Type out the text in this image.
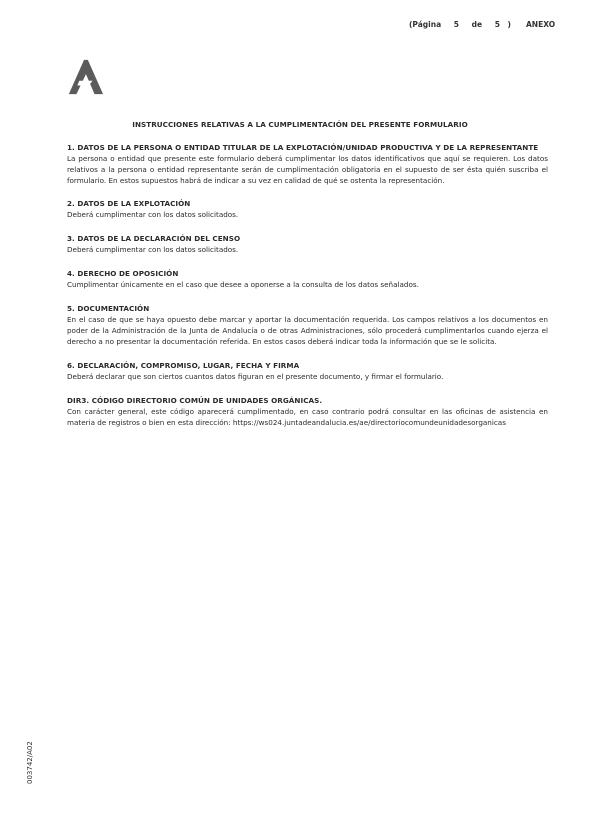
(Página 5 de 5 ) ANEXO
INSTRUCCIONES RELATIVAS A LA CUMPLIMENTACIÓN DEL PRESENTE FORMULARIO

1. DATOS DE LA PERSONA O ENTIDAD TITULAR DE LA EXPLOTACIÓN/UNIDAD PRODUCTIVA Y DE LA REPRESENTANTE

La persona o entidad que presente este formulario deberá cumplimentar los datos identificativos que aquí se requieren. Los datos relativos a la persona o entidad representante serán de cumplimentación obligatoria en el supuesto de ser ésta quién suscriba el formulario. En estos supuestos habrá de indicar a su vez en calidad de qué se ostenta la representación.

2. DATOS DE LA EXPLOTACIÓN

Deberá cumplimentar con los datos solicitados.

3. DATOS DE LA DECLARACIÓN DEL CENSO

Deberá cumplimentar con los datos solicitados.

4. DERECHO DE OPOSICIÓN

Cumplimentar únicamente en el caso que desee a oponerse a la consulta de los datos señalados.

5. DOCUMENTACIÓN

En el caso de que se haya opuesto debe marcar y aportar la documentación requerida. Los campos relativos a los documentos en poder de la Administración de la Junta de Andalucía o de otras Administraciones, sólo procederá cumplimentarlos cuando ejerza el derecho a no presentar la documentación referida. En estos casos deberá indicar toda la información que se le solicita.

6. DECLARACIÓN, COMPROMISO, LUGAR, FECHA Y FIRMA

Deberá declarar que son ciertos cuantos datos figuran en el presente documento, y firmar el formulario.

DIR3. CÓDIGO DIRECTORIO COMÚN DE UNIDADES ORGÁNICAS.

Con carácter general, este código aparecerá cumplimentado, en caso contrario podrá consultar en las oficinas de asistencia en materia de registros o bien en esta dirección: https://ws024.juntadeandalucia.es/ae/directoriocomundeunidadesorganicas

003742/A02
